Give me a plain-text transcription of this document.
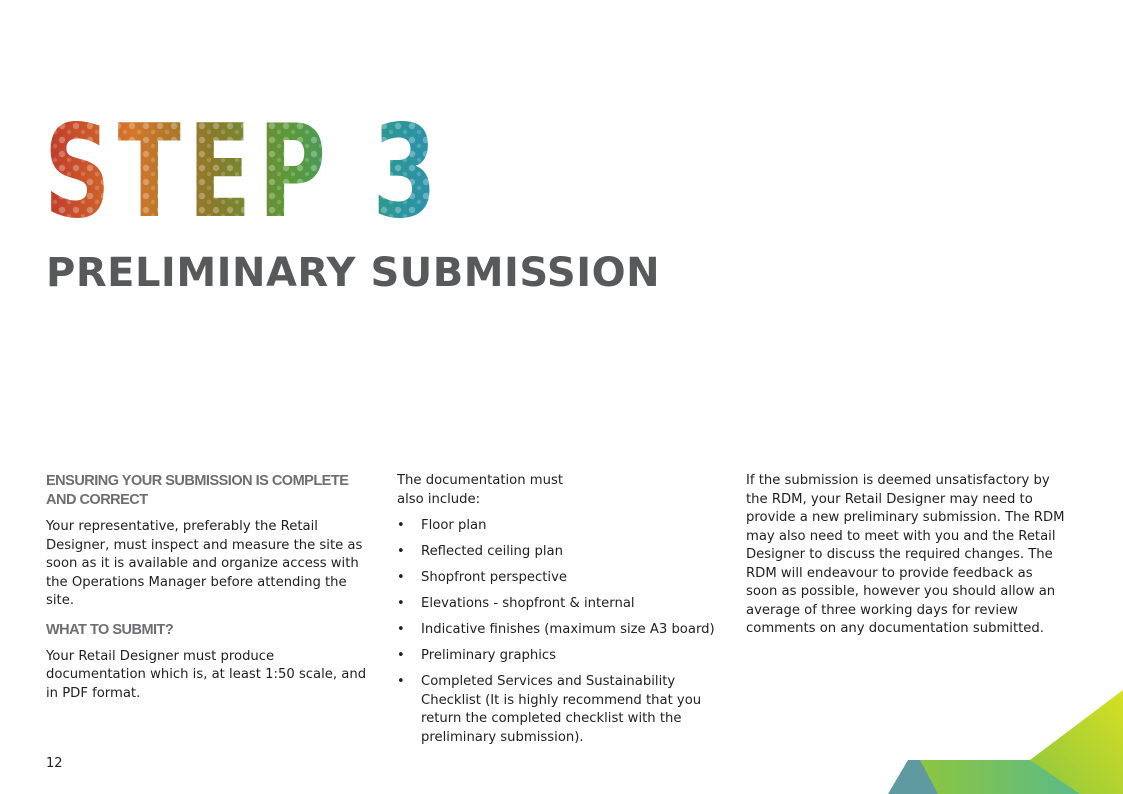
STEP 3
STEP 3
PRELIMINARY SUBMISSION
ENSURING YOUR SUBMISSION IS COMPLETE AND CORRECT

Your representative, preferably the Retail Designer, must inspect and measure the site as soon as it is available and organize access with the Operations Manager before attending the site.

WHAT TO SUBMIT?

Your Retail Designer must produce documentation which is, at least 1:50 scale, and in PDF format.

The documentation must also include:

• Floor plan
• Reflected ceiling plan
• Shopfront perspective
• Elevations - shopfront & internal
• Indicative finishes (maximum size A3 board)
• Preliminary graphics
• Completed Services and Sustainability Checklist (It is highly recommend that you return the completed checklist with the preliminary submission).

If the submission is deemed unsatisfactory by the RDM, your Retail Designer may need to provide a new preliminary submission. The RDM may also need to meet with you and the Retail Designer to discuss the required changes. The RDM will endeavour to provide feedback as soon as possible, however you should allow an average of three working days for review comments on any documentation submitted.

12
